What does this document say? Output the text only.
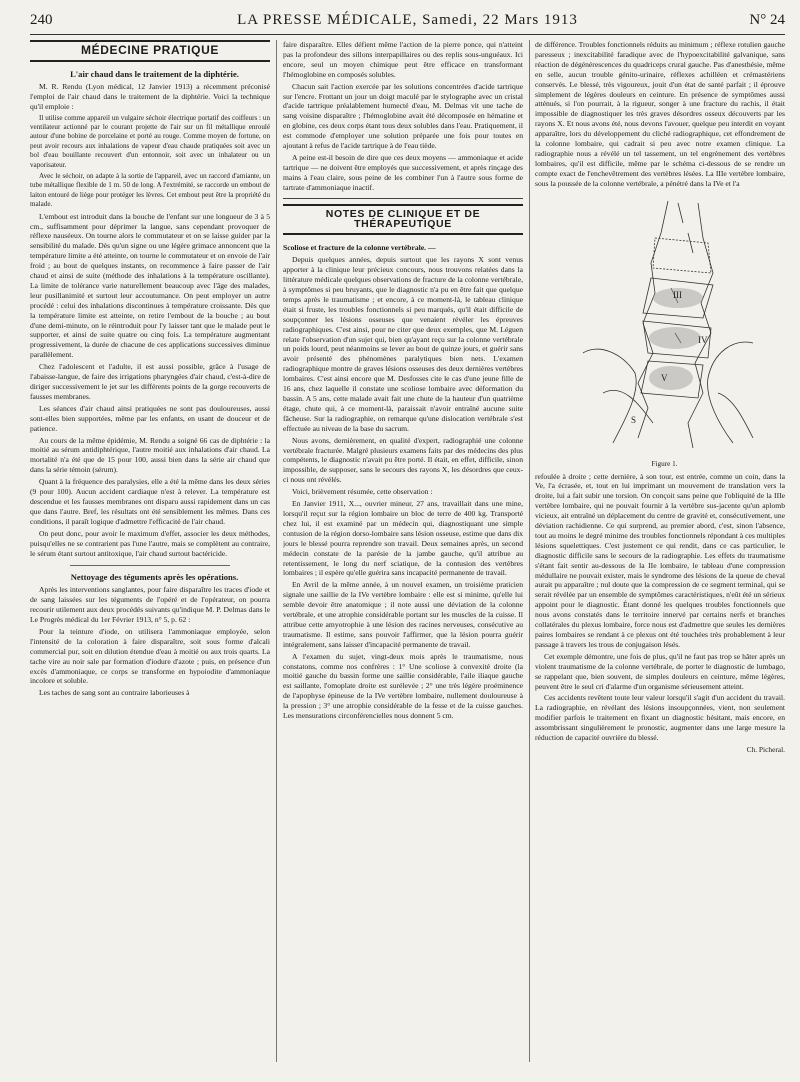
240	LA PRESSE MÉDICALE, Samedi, 22 Mars 1913	N° 24
MÉDECINE PRATIQUE

L'air chaud dans le traitement de la diphtérie.

M. R. Rendu (Lyon médical, 12 Janvier 1913) a récemment préconisé l'emploi de l'air chaud dans le traitement de la diphtérie. Voici la technique qu'il emploie :

Il utilise comme appareil un vulgaire séchoir électrique portatif des coiffeurs : un ventilateur actionné par le courant projette de l'air sur un fil métallique enroulé autour d'une bobine de porcelaine et porté au rouge. Comme moyen de fortune, on peut avoir recours aux inhalations de vapeur d'eau chaude pratiquées soit avec un bol d'eau bouillante recouvert d'un entonnoir, soit avec un inhalateur ou un vaporisateur.

Avec le séchoir, on adapte à la sortie de l'appareil, avec un raccord d'amiante, un tube métallique flexible de 1 m. 50 de long. A l'extrémité, se raccorde un embout de laiton entouré de liège pour protéger les lèvres. Cet embout peut être la propriété du malade.

L'embout est introduit dans la bouche de l'enfant sur une longueur de 3 à 5 cm., suffisamment pour déprimer la langue, sans cependant provoquer de réflexe nauséeux. On tourne alors le commutateur et on se laisse guider par la sensibilité du malade. Dès qu'un signe ou une légère grimace annoncent que la température limite a été atteinte, on tourne le commutateur et on envoie de l'air froid ; au bout de quelques instants, on recommence à faire passer de l'air chaud et ainsi de suite (méthode des inhalations à la température oscillante). La limite de tolérance varie naturellement beaucoup avec l'âge des malades, leur pusillanimité et surtout leur accoutumance. On peut employer un autre procédé : celui des inhalations discontinues à température croissante. Dès que la température limite est atteinte, on retire l'embout de la bouche ; au bout d'une demi-minute, on le réintroduit pour l'y laisser tant que le malade peut le supporter, et ainsi de suite quatre ou cinq fois. La température augmentant progressivement, la durée de chacune de ces applications successives diminue parallèlement.

Chez l'adolescent et l'adulte, il est aussi possible, grâce à l'usage de l'abaisse-langue, de faire des irrigations pharyngées d'air chaud, c'est-à-dire de diriger successivement le jet sur les différents points de la gorge recouverts de fausses membranes.

Les séances d'air chaud ainsi pratiquées ne sont pas douloureuses, aussi sont-elles bien supportées, même par les enfants, en usant de douceur et de patience.

Au cours de la même épidémie, M. Rendu a soigné 66 cas de diphtérie : la moitié au sérum antidiphtérique, l'autre moitié aux inhalations d'air chaud. La mortalité n'a été que de 15 pour 100, aussi bien dans la série air chaud que dans la série témoin (sérum).

Quant à la fréquence des paralysies, elle a été la même dans les deux séries (9 pour 100). Aucun accident cardiaque n'est à relever. La température est descendue et les fausses membranes ont disparu aussi rapidement dans un cas que dans l'autre. Bref, les résultats ont été sensiblement les mêmes. Dans ces conditions, il paraît logique d'admettre l'efficacité de l'air chaud.

On peut donc, pour avoir le maximum d'effet, associer les deux méthodes, puisqu'elles ne se contrarient pas l'une l'autre, mais se complètent au contraire, le sérum étant surtout antitoxique, l'air chaud surtout bactéricide.

Nettoyage des téguments après les opérations.

Après les interventions sanglantes, pour faire disparaître les traces d'iode et de sang laissées sur les téguments de l'opéré et de l'opérateur, on pourra recourir utilement aux deux procédés suivants qu'indique M. P. Delmas dans le Le Progrès médical du 1er Février 1913, n° 5, p. 62 :

Pour la teinture d'iode, on utilisera l'ammoniaque employée, selon l'intensité de la coloration à faire disparaître, soit sous forme d'alcali commercial pur, soit en dilution étendue d'eau à moitié ou aux trois quarts. La tache vire au noir sale par formation d'iodure d'azote ; puis, en présence d'un excès d'ammoniaque, ce corps se transforme en hypoiodite d'ammoniaque incolore et soluble.

Les taches de sang sont au contraire laborieuses à

faire disparaître. Elles défient même l'action de la pierre ponce, qui n'atteint pas la profondeur des sillons interpapillaires ou des replis sous-unguéaux. Ici encore, seul un moyen chimique peut être efficace en transformant l'hémoglobine en composés solubles.

Chacun sait l'action exercée par les solutions concentrées d'acide tartrique sur l'encre. Frottant un jour un doigt maculé par le stylographe avec un cristal d'acide tartrique préalablement humecté d'eau, M. Delmas vit une tache de sang voisine disparaître ; l'hémoglobine avait été décomposée en hématine et en globine, ces deux corps étant tous deux solubles dans l'eau. Pratiquement, il est commode d'employer une solution préparée une fois pour toutes en ajoutant à refus de l'acide tartrique à de l'eau tiède.

A peine est-il besoin de dire que ces deux moyens — ammoniaque et acide tartrique — ne doivent être employés que successivement, et après rinçage des mains à l'eau claire, sous peine de les combiner l'un à l'autre sous forme de tartrate d'ammoniaque inactif.

NOTES DE CLINIQUE ET DE THÉRAPEUTIQUE

Scoliose et fracture de la colonne vertébrale. —

Depuis quelques années, depuis surtout que les rayons X sont venus apporter à la clinique leur précieux concours, nous trouvons relatées dans la littérature médicale quelques observations de fracture de la colonne vertébrale, à symptômes si peu bruyants, que le diagnostic n'a pu en être fait que quelque temps après le traumatisme ; et encore, à ce moment-là, le tableau clinique était si fruste, les troubles fonctionnels si peu marqués, qu'il était difficile de soupçonner les lésions osseuses que venaient révéler les épreuves radiographiques. C'est ainsi, pour ne citer que deux exemples, que M. Léguen relate l'observation d'un sujet qui, bien qu'ayant reçu sur la colonne vertébrale un poids lourd, peut néanmoins se lever au bout de quinze jours, et guérir sans avoir présenté des phénomènes paralytiques bien nets. L'examen radiographique montre de graves lésions osseuses des deux dernières vertèbres lombaires. C'est ainsi encore que M. Desfosses cite le cas d'une jeune fille de 16 ans, chez laquelle il constate une scoliose lombaire avec déformation du bassin. A 5 ans, cette malade avait fait une chute de la hauteur d'un quatrième étage, chute qui, à ce moment-là, paraissait n'avoir entraîné aucune suite fâcheuse. Sur la radiographie, on remarque qu'une dislocation vertébrale s'est effectuée au niveau de la base du sacrum.

Nous avons, dernièrement, en qualité d'expert, radiographié une colonne vertébrale fracturée. Malgré plusieurs examens faits par des médecins des plus compétents, le diagnostic n'avait pu être porté. Il était, en effet, difficile, sinon impossible, de supposer, sans le secours des rayons X, les désordres que ceux-ci nous ont révélés.

Voici, brièvement résumée, cette observation :

En Janvier 1911, X..., ouvrier mineur, 27 ans, travaillait dans une mine, lorsqu'il reçut sur la région lombaire un bloc de terre de 400 kg. Transporté chez lui, il est examiné par un médecin qui, diagnostiquant une simple contusion de la région dorso-lombaire sans lésion osseuse, estime que dans dix jours le blessé pourra reprendre son travail. Deux semaines après, un second médecin constate de la parésie de la jambe gauche, qu'il attribue au retentissement, le long du nerf sciatique, de la contusion des vertèbres lombaires ; il espère qu'elle guérira sans incapacité permanente de travail.

En Avril de la même année, à un nouvel examen, un troisième praticien signale une saillie de la IVe vertèbre lombaire : elle est si minime, qu'elle lui semble devoir être anatomique ; il note aussi une déviation de la colonne vertébrale, et une atrophie considérable portant sur les muscles de la cuisse. Il attribue cette amyotrophie à une lésion des racines nerveuses, consécutive au traumatisme. Il estime, sans pouvoir l'affirmer, que la lésion pourra guérir intégralement, sans laisser d'incapacité permanente de travail.

A l'examen du sujet, vingt-deux mois après le traumatisme, nous constatons, comme nos confrères : 1° Une scoliose à convexité droite (la moitié gauche du bassin forme une saillie considérable, l'aile iliaque gauche est saillante, l'omoplate droite est surélevée ; 2° une très légère proéminence de l'apophyse épineuse de la IVe vertèbre lombaire, nullement douloureuse à la pression ; 3° une atrophie considérable de la fesse et de la cuisse gauches. Les mensurations circonférencielles nous donnent 5 cm.

de différence. Troubles fonctionnels réduits au minimum ; réflexe rotulien gauche paresseux ; inexcitabilité faradique avec de l'hypoexcitabilité galvanique, sans réaction de dégénérescences du quadriceps crural gauche. Pas d'anesthésie, même en selle, aucun trouble génito-urinaire, réflexes achilléen et crémastériens conservés. Le blessé, très vigoureux, jouit d'un état de santé parfait ; il éprouve simplement de légères douleurs en ceinture. En présence de symptômes aussi atténués, si l'on pourrait, à la rigueur, songer à une fracture du rachis, il était impossible de diagnostiquer les très graves désordres osseux découverts par les rayons X. Et nous avons été, nous devons l'avouer, quelque peu interdit en voyant apparaître, lors du développement du cliché radiographique, cet effondrement de la colonne lombaire, qui cadrait si peu avec notre examen clinique. La radiographie nous a révélé un tel tassement, un tel engrènement des vertèbres lombaires, qu'il est difficile, même par le schéma ci-dessous de se rendre un compte exact de l'enchevêtrement des vertèbres lésées. La IIIe vertèbre lombaire, sous la poussée de la colonne vertébrale, a pénétré dans la IVe et l'a

III
IV
V
S

Figure 1.

refoulée à droite ; cette dernière, à son tour, est entrée, comme un coin, dans la Ve, l'a écrasée, et, tout en lui imprimant un mouvement de translation vers la droite, lui a fait subir une torsion. On conçoit sans peine que l'obliquité de la IIIe vertèbre lombaire, qui ne pouvait fournir à la vertèbre sus-jacente qu'un aplomb vicieux, ait entraîné un déplacement du centre de gravité et, consécutivement, une déviation rachidienne. Ce qui surprend, au premier abord, c'est, sinon l'absence, tout au moins le degré minime des troubles fonctionnels répondant à ces multiples lésions squelettiques. C'est justement ce qui rendit, dans ce cas particulier, le diagnostic difficile sans le secours de la radiographie. Les effets du traumatisme s'étant fait sentir au-dessous de la IIe lombaire, le tableau d'une compression médullaire ne pouvait exister, mais le syndrome des lésions de la queue de cheval aurait pu apparaître ; nul doute que la compression de ce segment terminal, qui se serait révélée par un ensemble de symptômes caractéristiques, n'eût été un sérieux appoint pour le diagnostic. Étant donné les quelques troubles fonctionnels que nous avons constatés dans le territoire innervé par certains nerfs et branches collatérales du plexus lombaire, force nous est d'admettre que seules les dernières paires lombaires se rendant à ce plexus ont été touchées très probablement à leur passage à travers les trous de conjugaison lésés.

Cet exemple démontre, une fois de plus, qu'il ne faut pas trop se hâter après un violent traumatisme de la colonne vertébrale, de porter le diagnostic de lumbago, se rappelant que, bien souvent, de simples douleurs en ceinture, même légères, peuvent être le seul cri d'alarme d'un organisme sérieusement atteint.

Ces accidents revêtent toute leur valeur lorsqu'il s'agit d'un accident du travail. La radiographie, en révélant des lésions insoupçonnées, vient, non seulement modifier parfois le traitement en fixant un diagnostic hésitant, mais encore, en assombrissant singulièrement le pronostic, augmenter dans une large mesure la réduction de capacité ouvrière du blessé.

Ch. Picheral.
